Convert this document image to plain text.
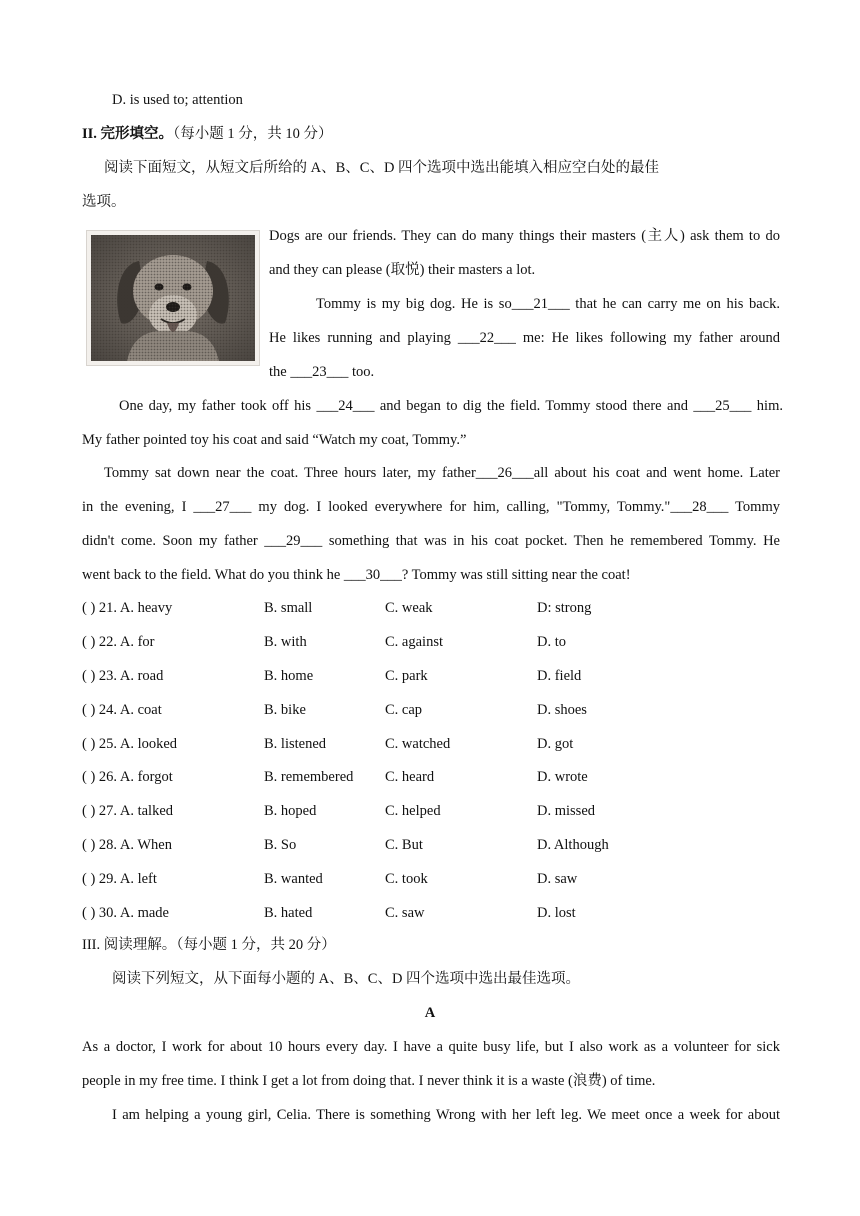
D. is used to; attention
II. 完形填空。（每小题 1 分，共 10 分）
阅读下面短文，从短文后所给的 A、B、C、D 四个选项中选出能填入相应空白处的最佳
选项。
Dogs are our friends. They can do many things their masters (主人) ask them to do
and they can please (取悦) their masters a lot.
Tommy is my big dog. He is so___21___ that he can carry me on his back.
He likes running and playing ___22___ me: He likes following my father around
the ___23___ too.
One day, my father took off his ___24___ and began to dig the field. Tommy stood there and ___25___ him.
My father pointed toy his coat and said “Watch my coat, Tommy.”
Tommy sat down near the coat. Three hours later, my father___26___all about his coat and went home. Later
in the evening, I ___27___ my dog. I looked everywhere for him, calling, "Tommy, Tommy."___28___ Tommy
didn't come. Soon my father ___29___ something that was in his coat pocket. Then he remembered Tommy. He
went back to the field. What do you think he ___30___? Tommy was still sitting near the coat!
( ) 21. A. heavy	B. small	C. weak	D: strong
( ) 22. A. for	B. with	C. against	D. to
( ) 23. A. road	B. home	C. park	D. field
( ) 24. A. coat	B. bike	C. cap	D. shoes
( ) 25. A. looked	B. listened	C. watched	D. got
( ) 26. A. forgot	B. remembered C. heard	D. wrote
( ) 27. A. talked	B. hoped	C. helped	D. missed
( ) 28. A. When	B. So	C. But	D. Although
( ) 29. A. left	B. wanted	C. took	D. saw
( ) 30. A. made	B. hated	C. saw	D. lost
III. 阅读理解。（每小题 1 分，共 20 分）
阅读下列短文，从下面每小题的 A、B、C、D 四个选项中选出最佳选项。
A
As a doctor, I work for about 10 hours every day. I have a quite busy life, but I also work as a volunteer for sick
people in my free time. I think I get a lot from doing that. I never think it is a waste (浪费) of time.
I am helping a young girl, Celia. There is something Wrong with her left leg. We meet once a week for about
